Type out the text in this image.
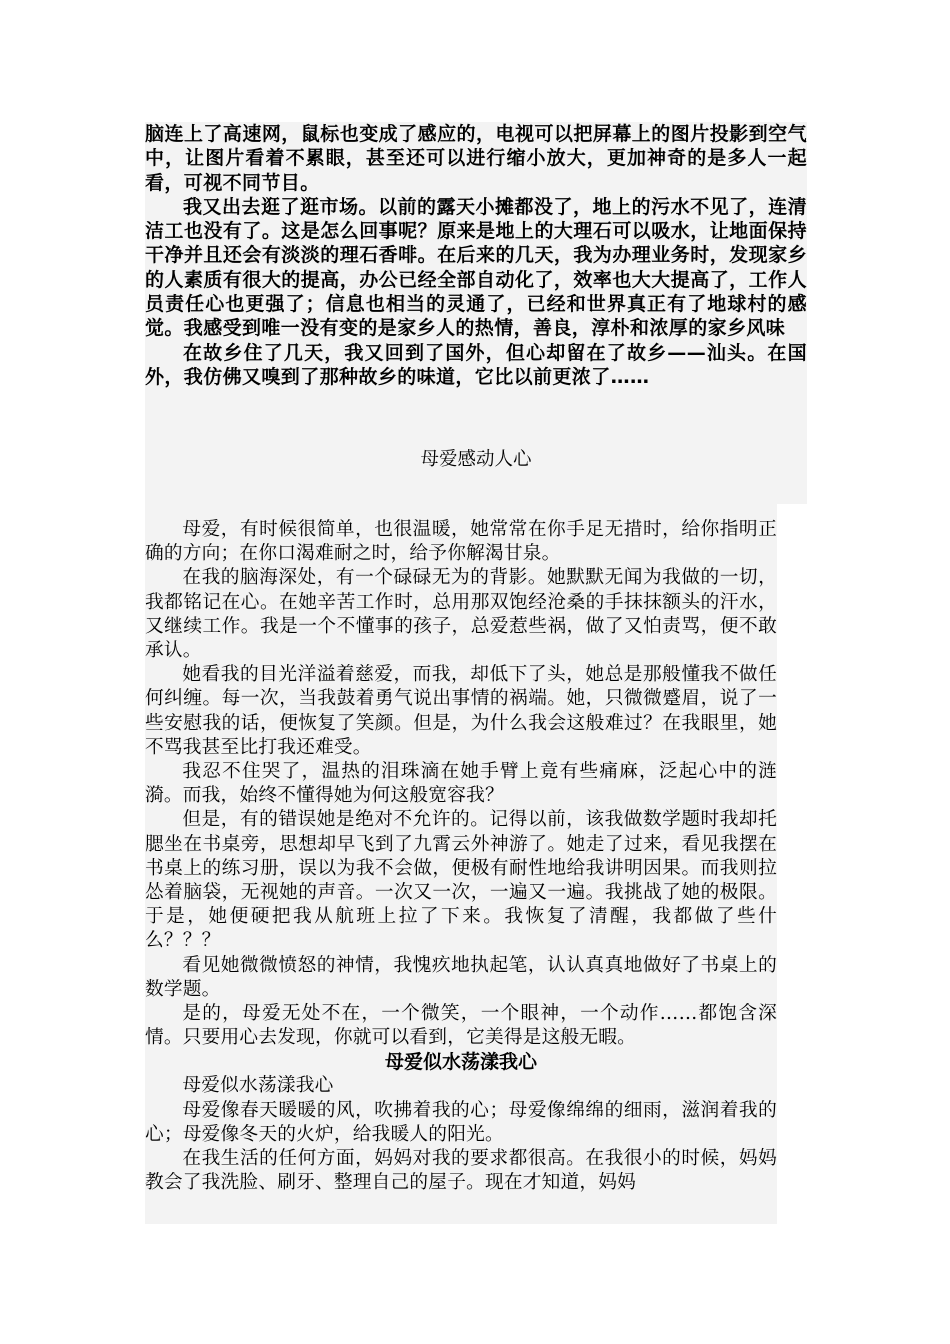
脑连上了高速网，鼠标也变成了感应的，电视可以把屏幕上的图片投影到空气中，让图片看着不累眼，甚至还可以进行缩小放大，更加神奇的是多人一起看，可视不同节目。

我又出去逛了逛市场。以前的露天小摊都没了，地上的污水不见了，连清洁工也没有了。这是怎么回事呢？原来是地上的大理石可以吸水，让地面保持干净并且还会有淡淡的理石香啡。在后来的几天，我为办理业务时，发现家乡的人素质有很大的提高，办公已经全部自动化了，效率也大大提高了，工作人员责任心也更强了；信息也相当的灵通了，已经和世界真正有了地球村的感觉。我感受到唯一没有变的是家乡人的热情，善良，淳朴和浓厚的家乡风味

在故乡住了几天，我又回到了国外，但心却留在了故乡——汕头。在国外，我仿佛又嗅到了那种故乡的味道，它比以前更浓了……

母爱感动人心

母爱，有时候很简单，也很温暖，她常常在你手足无措时，给你指明正确的方向；在你口渴难耐之时，给予你解渴甘泉。

在我的脑海深处，有一个碌碌无为的背影。她默默无闻为我做的一切，我都铭记在心。在她辛苦工作时，总用那双饱经沧桑的手抹抹额头的汗水，又继续工作。我是一个不懂事的孩子，总爱惹些祸，做了又怕责骂，便不敢承认。

她看我的目光洋溢着慈爱，而我，却低下了头，她总是那般懂我不做任何纠缠。每一次，当我鼓着勇气说出事情的祸端。她，只微微蹙眉，说了一些安慰我的话，便恢复了笑颜。但是，为什么我会这般难过？在我眼里，她不骂我甚至比打我还难受。

我忍不住哭了，温热的泪珠滴在她手臂上竟有些痛麻，泛起心中的涟漪。而我，始终不懂得她为何这般宽容我？

但是，有的错误她是绝对不允许的。记得以前，该我做数学题时我却托腮坐在书桌旁，思想却早飞到了九霄云外神游了。她走了过来，看见我摆在书桌上的练习册，误以为我不会做，便极有耐性地给我讲明因果。而我则拉怂着脑袋，无视她的声音。一次又一次，一遍又一遍。我挑战了她的极限。于是，她便硬把我从航班上拉了下来。我恢复了清醒，我都做了些什么？？？

看见她微微愤怒的神情，我愧疚地执起笔，认认真真地做好了书桌上的数学题。

是的，母爱无处不在，一个微笑，一个眼神，一个动作……都饱含深情。只要用心去发现，你就可以看到，它美得是这般无暇。

母爱似水荡漾我心

母爱似水荡漾我心

母爱像春天暖暖的风，吹拂着我的心；母爱像绵绵的细雨，滋润着我的心；母爱像冬天的火炉，给我暖人的阳光。

在我生活的任何方面，妈妈对我的要求都很高。在我很小的时候，妈妈教会了我洗脸、刷牙、整理自己的屋子。现在才知道，妈妈
